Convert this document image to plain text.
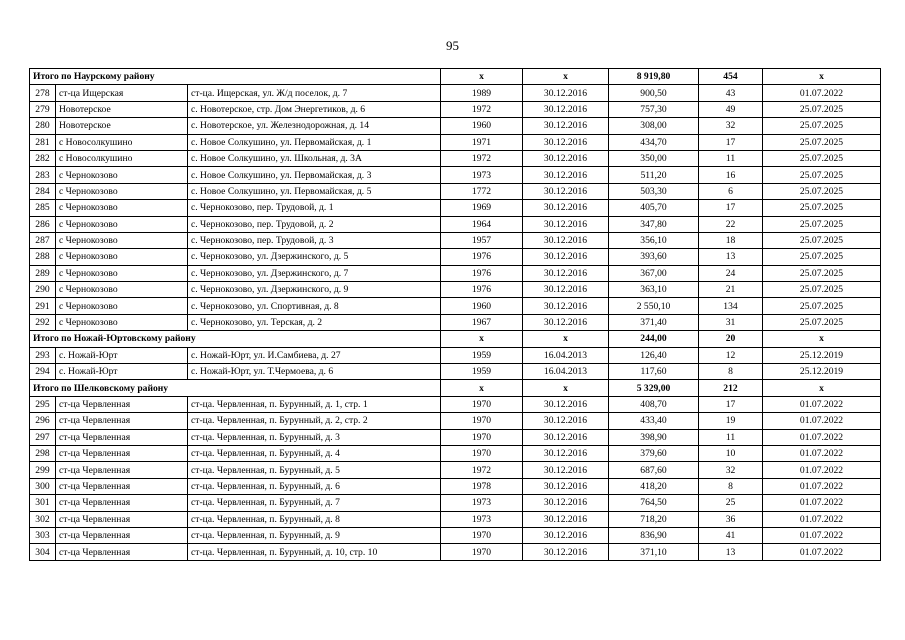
95
Итого по Наурскому району			х	х	8 919,80	454	х
278	ст-ца Ищерская	ст-ца. Ищерская, ул. Ж/д поселок, д. 7	1989	30.12.2016	900,50	43	01.07.2022
279	Новотерское	с. Новотерское, стр. Дом Энергетиков, д. 6	1972	30.12.2016	757,30	49	25.07.2025
280	Новотерское	с. Новотерское, ул. Железнодорожная, д. 14	1960	30.12.2016	308,00	32	25.07.2025
281	с Новосолкушино	с. Новое Солкушино, ул. Первомайская, д. 1	1971	30.12.2016	434,70	17	25.07.2025
282	с Новосолкушино	с. Новое Солкушино, ул. Школьная, д. 3А	1972	30.12.2016	350,00	11	25.07.2025
283	с Чернокозово	с. Новое Солкушино, ул. Первомайская, д. 3	1973	30.12.2016	511,20	16	25.07.2025
284	с Чернокозово	с. Новое Солкушино, ул. Первомайская, д. 5	1772	30.12.2016	503,30	6	25.07.2025
285	с Чернокозово	с. Чернокозово, пер. Трудовой, д. 1	1969	30.12.2016	405,70	17	25.07.2025
286	с Чернокозово	с. Чернокозово, пер. Трудовой, д. 2	1964	30.12.2016	347,80	22	25.07.2025
287	с Чернокозово	с. Чернокозово, пер. Трудовой, д. 3	1957	30.12.2016	356,10	18	25.07.2025
288	с Чернокозово	с. Чернокозово, ул. Дзержинского, д. 5	1976	30.12.2016	393,60	13	25.07.2025
289	с Чернокозово	с. Чернокозово, ул. Дзержинского, д. 7	1976	30.12.2016	367,00	24	25.07.2025
290	с Чернокозово	с. Чернокозово, ул. Дзержинского, д. 9	1976	30.12.2016	363,10	21	25.07.2025
291	с Чернокозово	с. Чернокозово, ул. Спортивная, д. 8	1960	30.12.2016	2 550,10	134	25.07.2025
292	с Чернокозово	с. Чернокозово, ул. Терская, д. 2	1967	30.12.2016	371,40	31	25.07.2025
Итого по Ножай-Юртовскому району			х	х	244,00	20	х
293	с. Ножай-Юрт	с. Ножай-Юрт, ул. И.Самбиева, д. 27	1959	16.04.2013	126,40	12	25.12.2019
294	с. Ножай-Юрт	с. Ножай-Юрт, ул. Т.Чермоева, д. 6	1959	16.04.2013	117,60	8	25.12.2019
Итого по Шелковскому району			х	х	5 329,00	212	х
295	ст-ца Червленная	ст-ца. Червленная, п. Бурунный, д. 1, стр. 1	1970	30.12.2016	408,70	17	01.07.2022
296	ст-ца Червленная	ст-ца. Червленная, п. Бурунный, д. 2, стр. 2	1970	30.12.2016	433,40	19	01.07.2022
297	ст-ца Червленная	ст-ца. Червленная, п. Бурунный, д. 3	1970	30.12.2016	398,90	11	01.07.2022
298	ст-ца Червленная	ст-ца. Червленная, п. Бурунный, д. 4	1970	30.12.2016	379,60	10	01.07.2022
299	ст-ца Червленная	ст-ца. Червленная, п. Бурунный, д. 5	1972	30.12.2016	687,60	32	01.07.2022
300	ст-ца Червленная	ст-ца. Червленная, п. Бурунный, д. 6	1978	30.12.2016	418,20	8	01.07.2022
301	ст-ца Червленная	ст-ца. Червленная, п. Бурунный, д. 7	1973	30.12.2016	764,50	25	01.07.2022
302	ст-ца Червленная	ст-ца. Червленная, п. Бурунный, д. 8	1973	30.12.2016	718,20	36	01.07.2022
303	ст-ца Червленная	ст-ца. Червленная, п. Бурунный, д. 9	1970	30.12.2016	836,90	41	01.07.2022
304	ст-ца Червленная	ст-ца. Червленная, п. Бурунный, д. 10, стр. 10	1970	30.12.2016	371,10	13	01.07.2022
